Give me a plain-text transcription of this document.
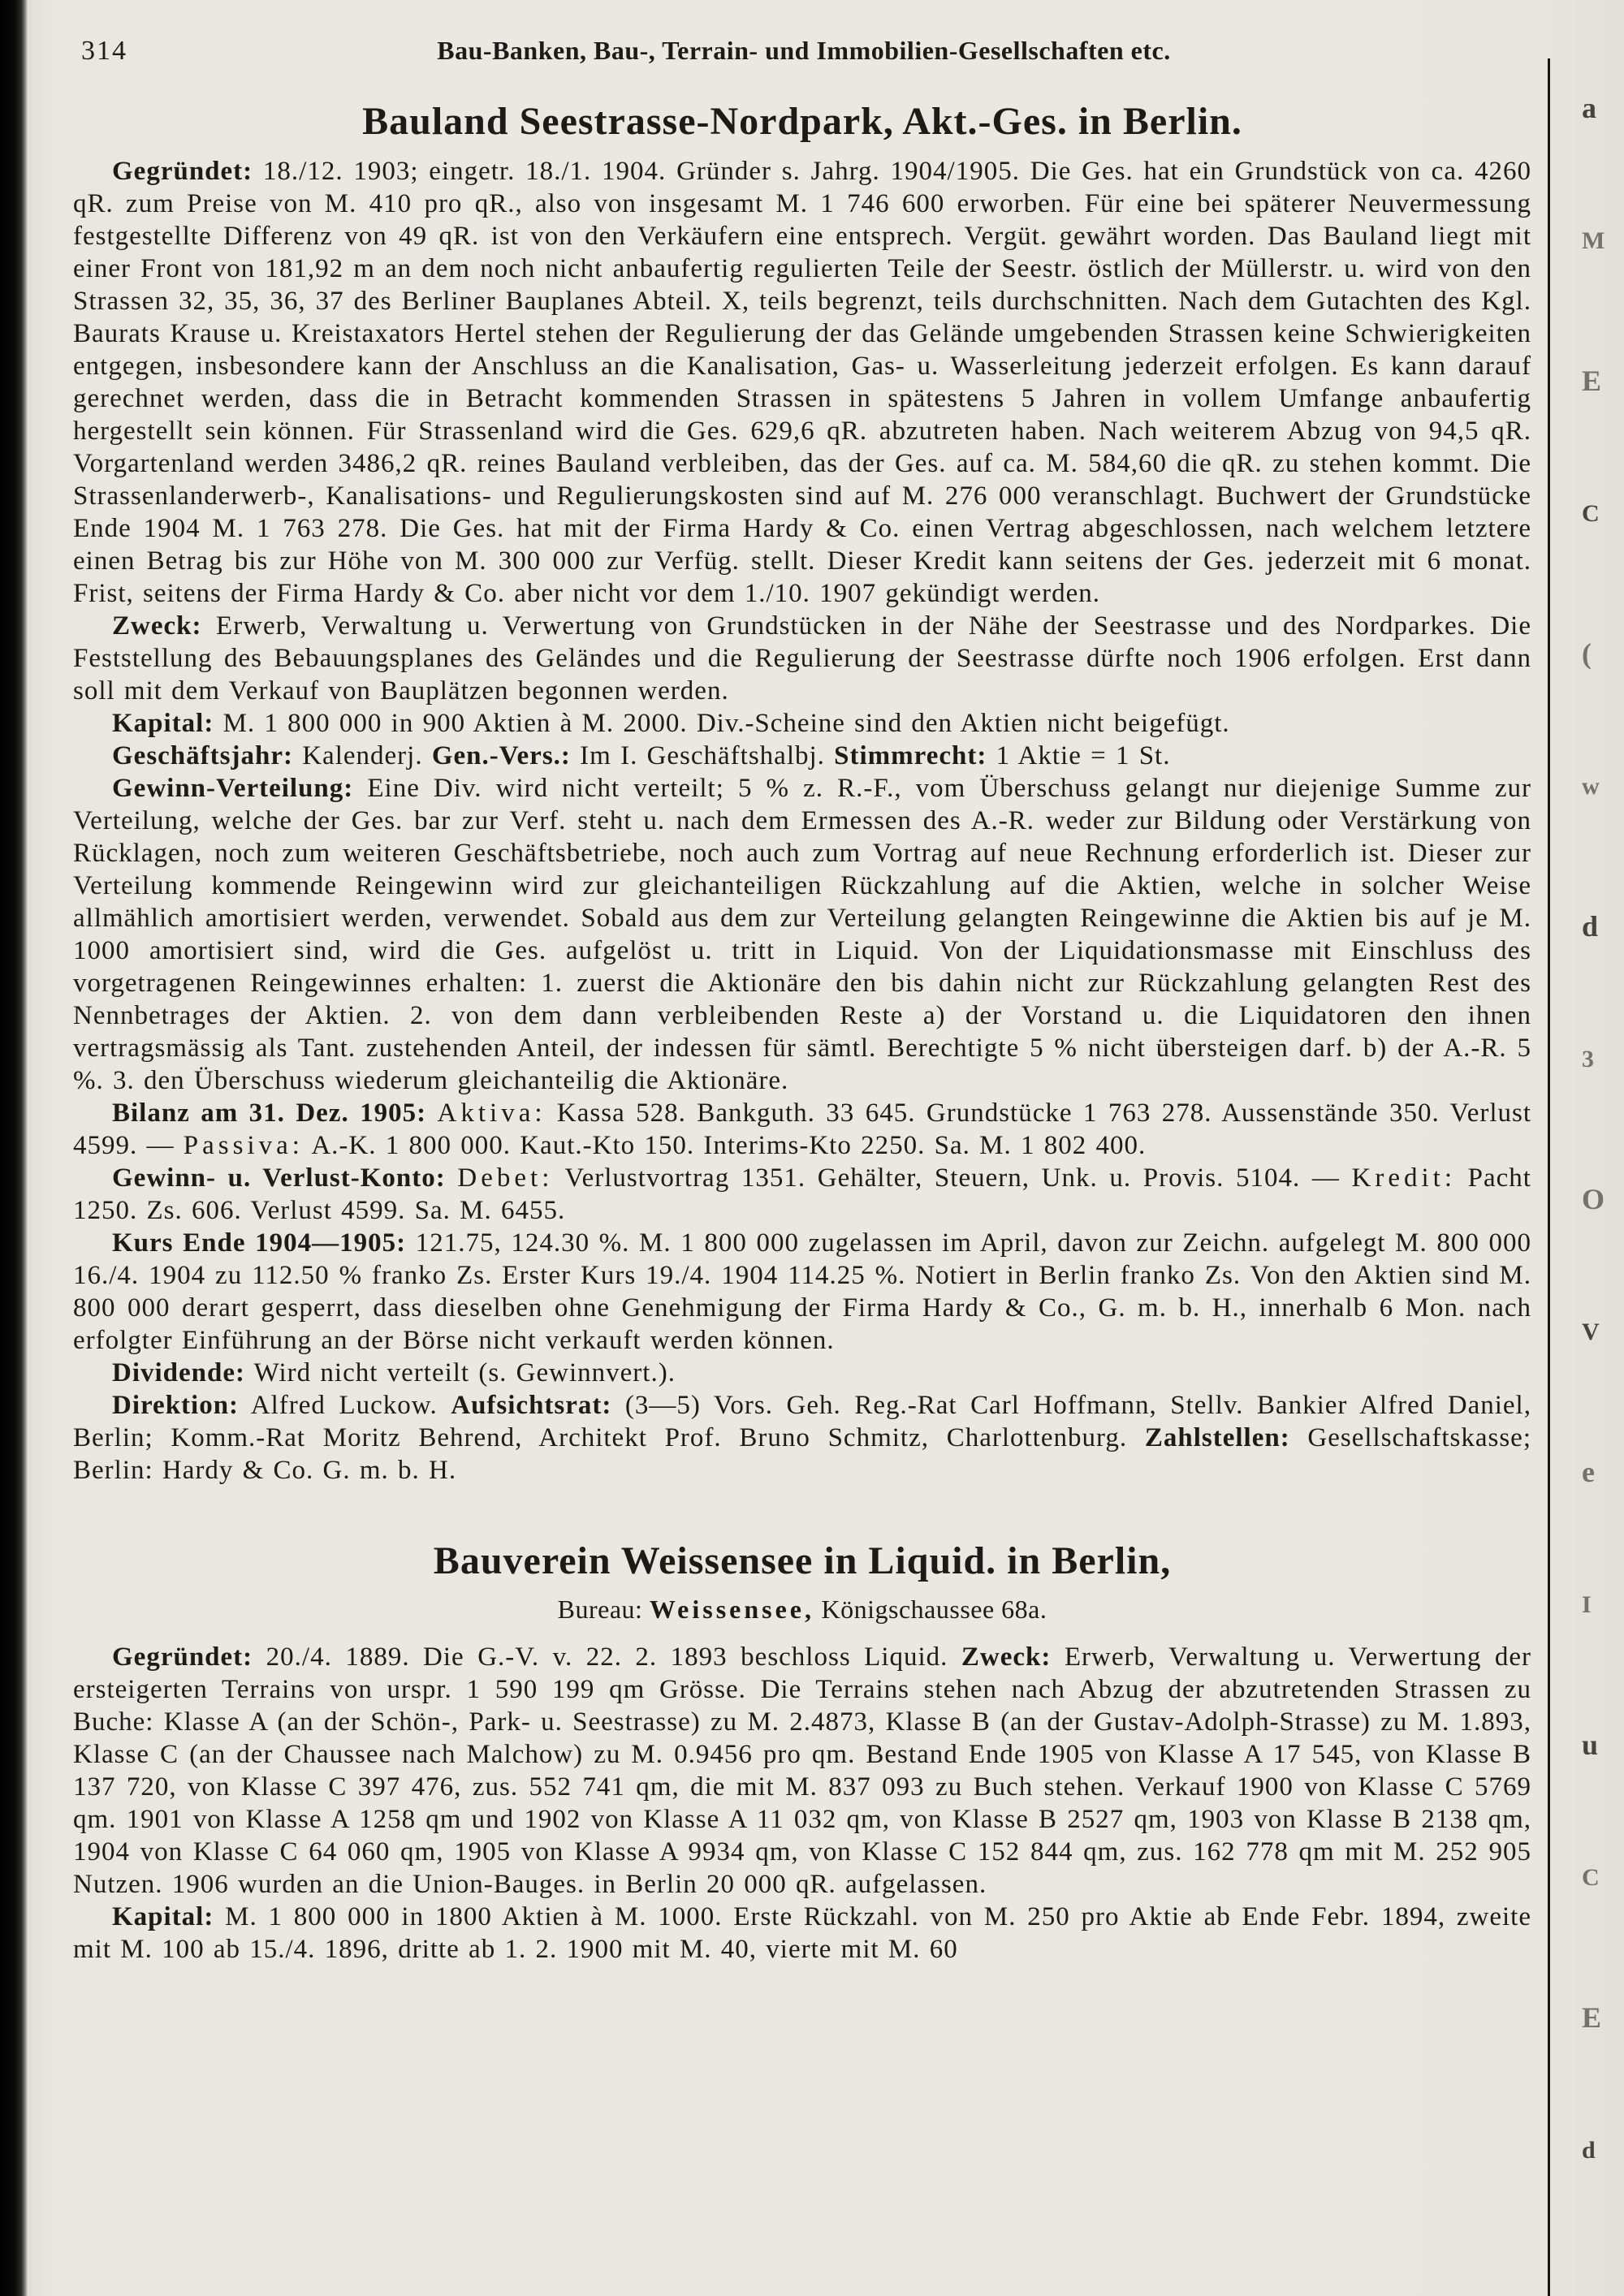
314	Bau-Banken, Bau-, Terrain- und Immobilien-Gesellschaften etc.
Bauland Seestrasse-Nordpark, Akt.-Ges. in Berlin.

Gegründet: 18./12. 1903; eingetr. 18./1. 1904. Gründer s. Jahrg. 1904/1905. Die Ges. hat ein Grundstück von ca. 4260 qR. zum Preise von M. 410 pro qR., also von insgesamt M. 1 746 600 erworben. Für eine bei späterer Neuvermessung festgestellte Differenz von 49 qR. ist von den Verkäufern eine entsprech. Vergüt. gewährt worden. Das Bauland liegt mit einer Front von 181,92 m an dem noch nicht anbaufertig regulierten Teile der Seestr. östlich der Müllerstr. u. wird von den Strassen 32, 35, 36, 37 des Berliner Bauplanes Abteil. X, teils begrenzt, teils durchschnitten. Nach dem Gutachten des Kgl. Baurats Krause u. Kreistaxators Hertel stehen der Regulierung der das Gelände umgebenden Strassen keine Schwierigkeiten entgegen, insbesondere kann der Anschluss an die Kanalisation, Gas- u. Wasserleitung jederzeit erfolgen. Es kann darauf gerechnet werden, dass die in Betracht kommenden Strassen in spätestens 5 Jahren in vollem Umfange anbaufertig hergestellt sein können. Für Strassenland wird die Ges. 629,6 qR. abzutreten haben. Nach weiterem Abzug von 94,5 qR. Vorgartenland werden 3486,2 qR. reines Bauland verbleiben, das der Ges. auf ca. M. 584,60 die qR. zu stehen kommt. Die Strassenlanderwerb-, Kanalisations- und Regulierungskosten sind auf M. 276 000 veranschlagt. Buchwert der Grundstücke Ende 1904 M. 1 763 278. Die Ges. hat mit der Firma Hardy & Co. einen Vertrag abgeschlossen, nach welchem letztere einen Betrag bis zur Höhe von M. 300 000 zur Verfüg. stellt. Dieser Kredit kann seitens der Ges. jederzeit mit 6 monat. Frist, seitens der Firma Hardy & Co. aber nicht vor dem 1./10. 1907 gekündigt werden.

Zweck: Erwerb, Verwaltung u. Verwertung von Grundstücken in der Nähe der Seestrasse und des Nordparkes. Die Feststellung des Bebauungsplanes des Geländes und die Regulierung der Seestrasse dürfte noch 1906 erfolgen. Erst dann soll mit dem Verkauf von Bauplätzen begonnen werden.

Kapital: M. 1 800 000 in 900 Aktien à M. 2000. Div.-Scheine sind den Aktien nicht beigefügt.

Geschäftsjahr: Kalenderj. Gen.-Vers.: Im I. Geschäftshalbj. Stimmrecht: 1 Aktie = 1 St.

Gewinn-Verteilung: Eine Div. wird nicht verteilt; 5 % z. R.-F., vom Überschuss gelangt nur diejenige Summe zur Verteilung, welche der Ges. bar zur Verf. steht u. nach dem Ermessen des A.-R. weder zur Bildung oder Verstärkung von Rücklagen, noch zum weiteren Geschäftsbetriebe, noch auch zum Vortrag auf neue Rechnung erforderlich ist. Dieser zur Verteilung kommende Reingewinn wird zur gleichanteiligen Rückzahlung auf die Aktien, welche in solcher Weise allmählich amortisiert werden, verwendet. Sobald aus dem zur Verteilung gelangten Reingewinne die Aktien bis auf je M. 1000 amortisiert sind, wird die Ges. aufgelöst u. tritt in Liquid. Von der Liquidationsmasse mit Einschluss des vorgetragenen Reingewinnes erhalten: 1. zuerst die Aktionäre den bis dahin nicht zur Rückzahlung gelangten Rest des Nennbetrages der Aktien. 2. von dem dann verbleibenden Reste a) der Vorstand u. die Liquidatoren den ihnen vertragsmässig als Tant. zustehenden Anteil, der indessen für sämtl. Berechtigte 5 % nicht übersteigen darf. b) der A.-R. 5 %. 3. den Überschuss wiederum gleichanteilig die Aktionäre.

Bilanz am 31. Dez. 1905: Aktiva: Kassa 528. Bankguth. 33 645. Grundstücke 1 763 278. Aussenstände 350. Verlust 4599. — Passiva: A.-K. 1 800 000. Kaut.-Kto 150. Interims-Kto 2250. Sa. M. 1 802 400.

Gewinn- u. Verlust-Konto: Debet: Verlustvortrag 1351. Gehälter, Steuern, Unk. u. Provis. 5104. — Kredit: Pacht 1250. Zs. 606. Verlust 4599. Sa. M. 6455.

Kurs Ende 1904—1905: 121.75, 124.30 %. M. 1 800 000 zugelassen im April, davon zur Zeichn. aufgelegt M. 800 000 16./4. 1904 zu 112.50 % franko Zs. Erster Kurs 19./4. 1904 114.25 %. Notiert in Berlin franko Zs. Von den Aktien sind M. 800 000 derart gesperrt, dass dieselben ohne Genehmigung der Firma Hardy & Co., G. m. b. H., innerhalb 6 Mon. nach erfolgter Einführung an der Börse nicht verkauft werden können.

Dividende: Wird nicht verteilt (s. Gewinnvert.).

Direktion: Alfred Luckow. Aufsichtsrat: (3—5) Vors. Geh. Reg.-Rat Carl Hoffmann, Stellv. Bankier Alfred Daniel, Berlin; Komm.-Rat Moritz Behrend, Architekt Prof. Bruno Schmitz, Charlottenburg. Zahlstellen: Gesellschaftskasse; Berlin: Hardy & Co. G. m. b. H.

Bauverein Weissensee in Liquid. in Berlin,

Bureau: Weissensee, Königschaussee 68a.

Gegründet: 20./4. 1889. Die G.-V. v. 22. 2. 1893 beschloss Liquid. Zweck: Erwerb, Verwaltung u. Verwertung der ersteigerten Terrains von urspr. 1 590 199 qm Grösse. Die Terrains stehen nach Abzug der abzutretenden Strassen zu Buche: Klasse A (an der Schön-, Park- u. Seestrasse) zu M. 2.4873, Klasse B (an der Gustav-Adolph-Strasse) zu M. 1.893, Klasse C (an der Chaussee nach Malchow) zu M. 0.9456 pro qm. Bestand Ende 1905 von Klasse A 17 545, von Klasse B 137 720, von Klasse C 397 476, zus. 552 741 qm, die mit M. 837 093 zu Buch stehen. Verkauf 1900 von Klasse C 5769 qm. 1901 von Klasse A 1258 qm und 1902 von Klasse A 11 032 qm, von Klasse B 2527 qm, 1903 von Klasse B 2138 qm, 1904 von Klasse C 64 060 qm, 1905 von Klasse A 9934 qm, von Klasse C 152 844 qm, zus. 162 778 qm mit M. 252 905 Nutzen. 1906 wurden an die Union-Bauges. in Berlin 20 000 qR. aufgelassen.

Kapital: M. 1 800 000 in 1800 Aktien à M. 1000. Erste Rückzahl. von M. 250 pro Aktie ab Ende Febr. 1894, zweite mit M. 100 ab 15./4. 1896, dritte ab 1. 2. 1900 mit M. 40, vierte mit M. 60

a
M
E
C
(
w
d
3
O
V
e
I
u
C
E
d
